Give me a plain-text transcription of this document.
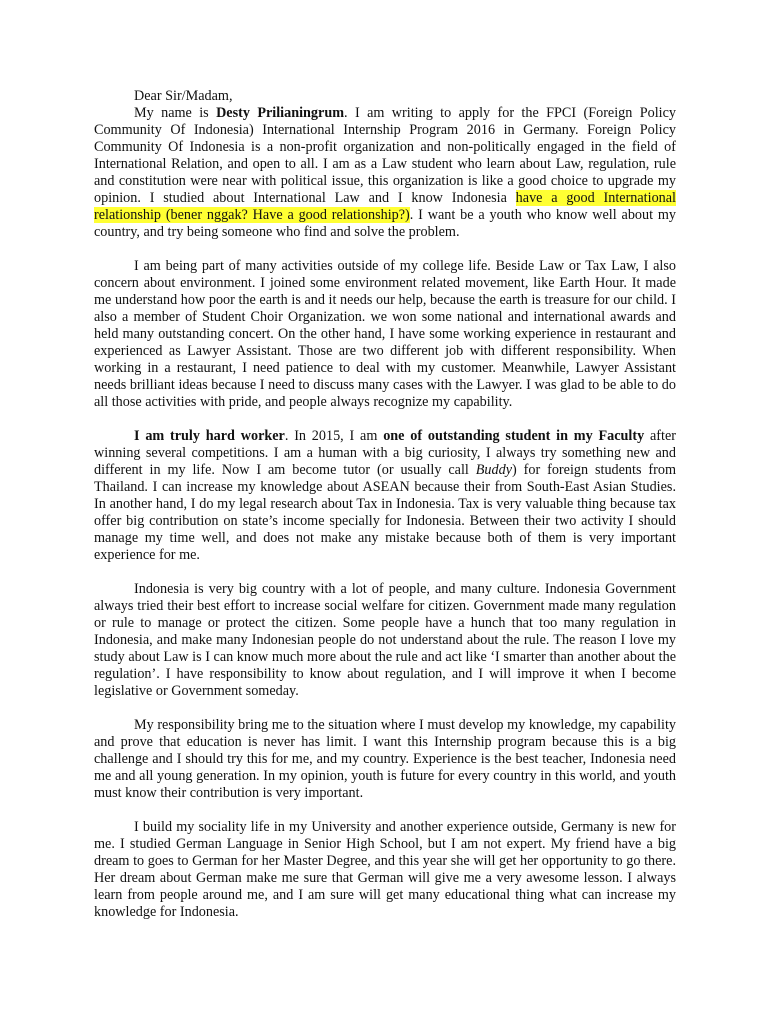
Dear Sir/Madam,

My name is Desty Prilianingrum. I am writing to apply for the FPCI (Foreign Policy Community Of Indonesia) International Internship Program 2016 in Germany. Foreign Policy Community Of Indonesia is a non-profit organization and non-politically engaged in the field of International Relation, and open to all. I am as a Law student who learn about Law, regulation, rule and constitution were near with political issue, this organization is like a good choice to upgrade my opinion. I studied about International Law and I know Indonesia have a good International relationship (bener nggak? Have a good relationship?). I want be a youth who know well about my country, and try being someone who find and solve the problem.

I am being part of many activities outside of my college life. Beside Law or Tax Law, I also concern about environment. I joined some environment related movement, like Earth Hour. It made me understand how poor the earth is and it needs our help, because the earth is treasure for our child. I also a member of Student Choir Organization. we won some national and international awards and held many outstanding concert. On the other hand, I have some working experience in restaurant and experienced as Lawyer Assistant. Those are two different job with different responsibility. When working in a restaurant, I need patience to deal with my customer. Meanwhile, Lawyer Assistant needs brilliant ideas because I need to discuss many cases with the Lawyer. I was glad to be able to do all those activities with pride, and people always recognize my capability.

I am truly hard worker. In 2015, I am one of outstanding student in my Faculty after winning several competitions. I am a human with a big curiosity, I always try something new and different in my life. Now I am become tutor (or usually call Buddy) for foreign students from Thailand. I can increase my knowledge about ASEAN because their from South-East Asian Studies. In another hand, I do my legal research about Tax in Indonesia. Tax is very valuable thing because tax offer big contribution on state’s income specially for Indonesia. Between their two activity I should manage my time well, and does not make any mistake because both of them is very important experience for me.

Indonesia is very big country with a lot of people, and many culture. Indonesia Government always tried their best effort to increase social welfare for citizen. Government made many regulation or rule to manage or protect the citizen. Some people have a hunch that too many regulation in Indonesia, and make many Indonesian people do not understand about the rule. The reason I love my study about Law is I can know much more about the rule and act like ‘I smarter than another about the regulation’. I have responsibility to know about regulation, and I will improve it when I become legislative or Government someday.

My responsibility bring me to the situation where I must develop my knowledge, my capability and prove that education is never has limit. I want this Internship program because this is a big challenge and I should try this for me, and my country. Experience is the best teacher, Indonesia need me and all young generation. In my opinion, youth is future for every country in this world, and youth must know their contribution is very important.

I build my sociality life in my University and another experience outside, Germany is new for me. I studied German Language in Senior High School, but I am not expert. My friend have a big dream to goes to German for her Master Degree, and this year she will get her opportunity to go there. Her dream about German make me sure that German will give me a very awesome lesson. I always learn from people around me, and I am sure will get many educational thing what can increase my knowledge for Indonesia.
